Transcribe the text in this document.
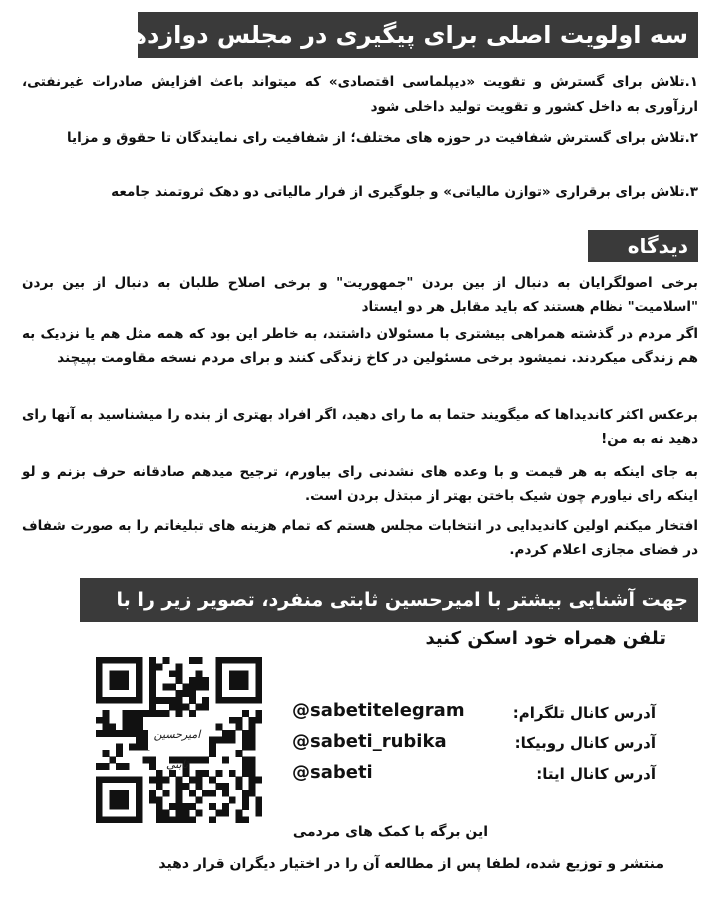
سه اولویت اصلی برای پیگیری در مجلس دوازدهم

۱.تلاش برای گسترش و تقویت «دیپلماسی اقتصادی» که میتواند باعث افزایش صادرات غیرنفتی، ارزآوری به داخل کشور و تقویت تولید داخلی شود

۲.تلاش برای گسترش شفافیت در حوزه های مختلف؛ از شفافیت رای نمایندگان تا حقوق و مزایا

۳.تلاش برای برقراری «توازن مالیاتی» و جلوگیری از فرار مالیاتی دو دهک ثروتمند جامعه

دیدگاه

برخی اصولگرایان به دنبال از بین بردن "جمهوریت" و برخی اصلاح طلبان به دنبال از بین بردن "اسلامیت" نظام هستند که باید مقابل هر دو ایستاد

اگر مردم در گذشته همراهی بیشتری با مسئولان داشتند، به خاطر این بود که همه مثل هم یا نزدیک به هم زندگی میکردند. نمیشود برخی مسئولین در کاخ زندگی کنند و برای مردم نسخه مقاومت بپیچند

برعکس اکثر کاندیداها که میگویند حتما به ما رای دهید، اگر افراد بهتری از بنده را میشناسید به آنها رای دهید نه به من!

به جای اینکه به هر قیمت و با وعده های نشدنی رای بیاورم، ترجیح میدهم صادقانه حرف بزنم و لو اینکه رای نیاورم چون شیک باختن بهتر از مبتذل بردن است.

افتخار میکنم اولین کاندیدایی در انتخابات مجلس هستم که تمام هزینه های تبلیغاتم را به صورت شفاف در فضای مجازی اعلام کردم.

جهت آشنایی بیشتر با امیرحسین ثابتی منفرد، تصویر زیر را با
تلفن همراه خود اسکن کنید
امیرحسین ثابتی
آدرس کانال تلگرام:
@sabetitelegram
آدرس کانال روبیکا:
@sabeti_rubika
آدرس کانال ایتا:
@sabeti
این برگه با کمک های مردمی
منتشر و توزیع شده، لطفا پس از مطالعه آن را در اختیار دیگران قرار دهید
